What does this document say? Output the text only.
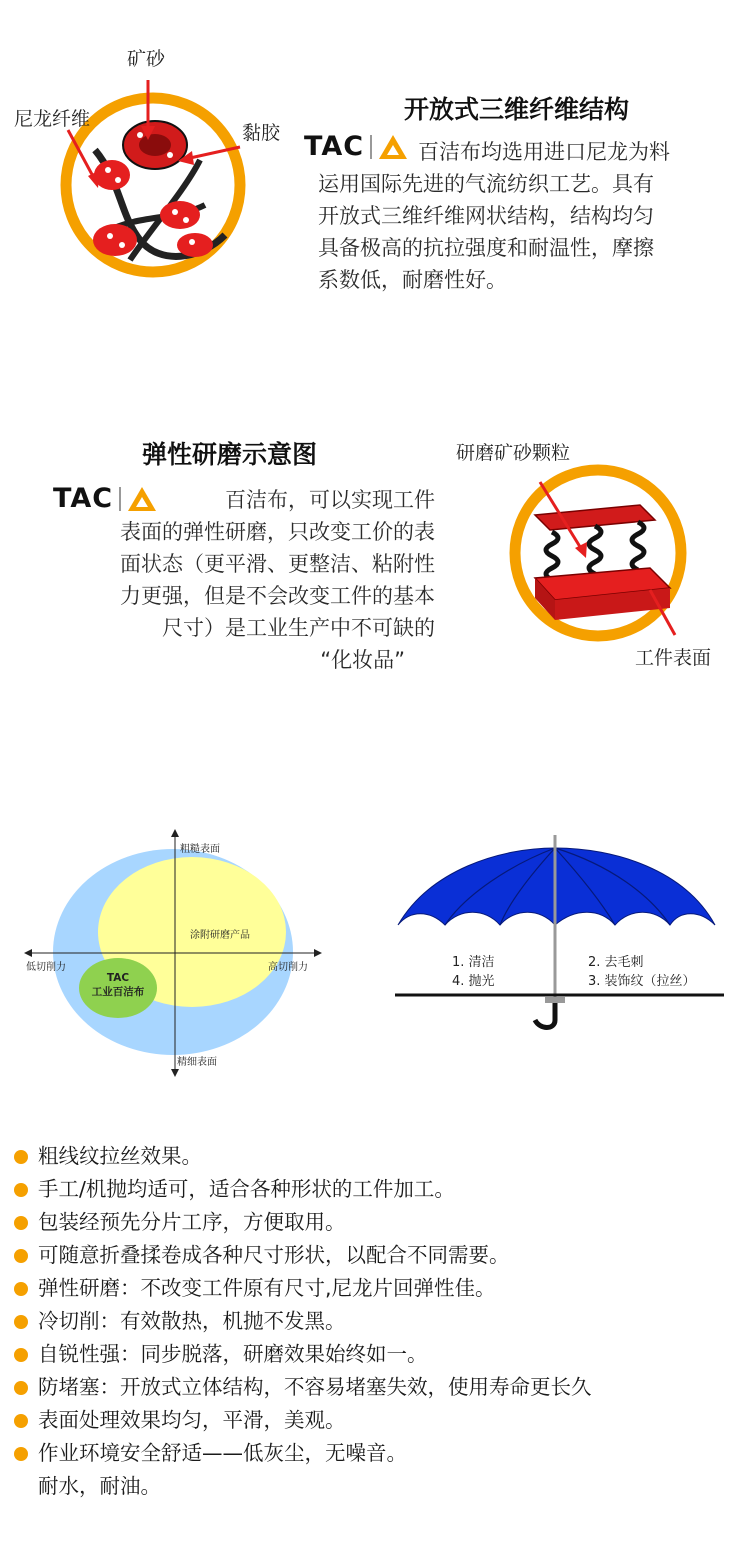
矿砂
尼龙纤维
黏胶
开放式三维纤维结构
TAC	百洁布均选用进口尼龙为料
运用国际先进的气流纺织工艺。具有
开放式三维纤维网状结构，结构均匀
具备极高的抗拉强度和耐温性，摩擦
系数低，耐磨性好。
弹性研磨示意图
TAC	百洁布，可以实现工件
表面的弹性研磨，只改变工价的表
面状态（更平滑、更整洁、粘附性
力更强，但是不会改变工件的基本
尺寸）是工业生产中不可缺的
“化妆品”
研磨矿砂颗粒
工件表面
粗糙表面
精细表面
低切削力	高切削力
涂附研磨产品
TAC
工业百洁布
1. 清洁	2. 去毛刺
4. 抛光	3. 装饰纹（拉丝）
粗线纹拉丝效果。
手工/机抛均适可，适合各种形状的工件加工。
包装经预先分片工序，方便取用。
可随意折叠揉卷成各种尺寸形状，以配合不同需要。
弹性研磨：不改变工件原有尺寸,尼龙片回弹性佳。
冷切削：有效散热，机抛不发黑。
自锐性强：同步脱落，研磨效果始终如一。
防堵塞：开放式立体结构，不容易堵塞失效，使用寿命更长久
表面处理效果均匀，平滑，美观。
作业环境安全舒适——低灰尘，无噪音。
耐水，耐油。
